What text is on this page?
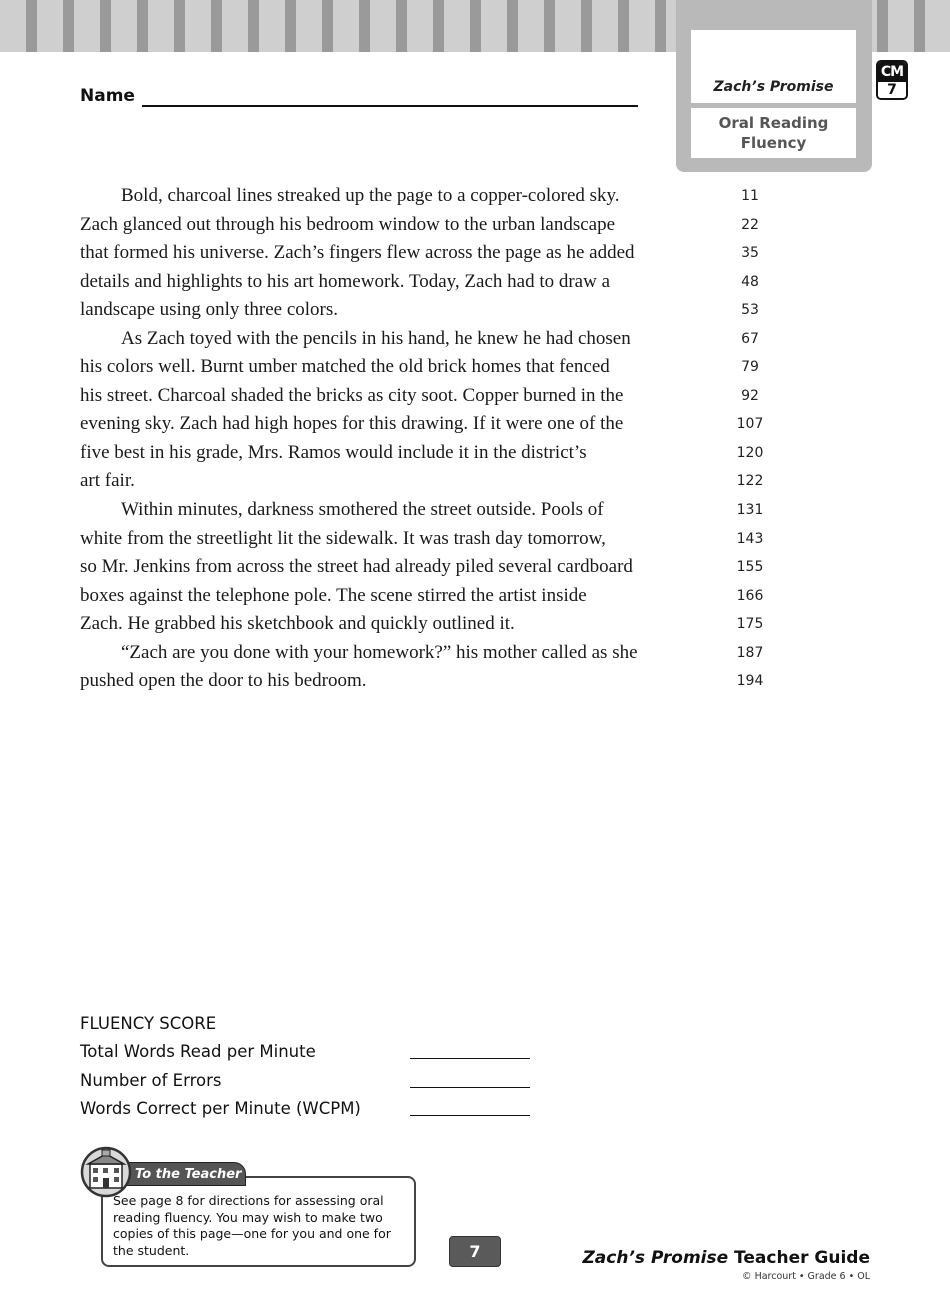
Zach’s Promise
Oral Reading Fluency
CM
7
Name
Bold, charcoal lines streaked up the page to a copper-colored sky.
Zach glanced out through his bedroom window to the urban landscape
that formed his universe. Zach’s fingers flew across the page as he added
details and highlights to his art homework. Today, Zach had to draw a
landscape using only three colors.
As Zach toyed with the pencils in his hand, he knew he had chosen
his colors well. Burnt umber matched the old brick homes that fenced
his street. Charcoal shaded the bricks as city soot. Copper burned in the
evening sky. Zach had high hopes for this drawing. If it were one of the
five best in his grade, Mrs. Ramos would include it in the district’s
art fair.
Within minutes, darkness smothered the street outside. Pools of
white from the streetlight lit the sidewalk. It was trash day tomorrow,
so Mr. Jenkins from across the street had already piled several cardboard
boxes against the telephone pole. The scene stirred the artist inside
Zach. He grabbed his sketchbook and quickly outlined it.
“Zach are you done with your homework?” his mother called as she
pushed open the door to his bedroom.
11
22
35
48
53
67
79
92
107
120
122
131
143
155
166
175
187
194
FLUENCY SCORE
Total Words Read per Minute
Number of Errors
Words Correct per Minute (WCPM)
See page 8 for directions for assessing oral reading fluency. You may wish to make two copies of this page—one for you and one for the student.
To the Teacher
7	Zach’s Promise Teacher Guide
© Harcourt • Grade 6 • OL
